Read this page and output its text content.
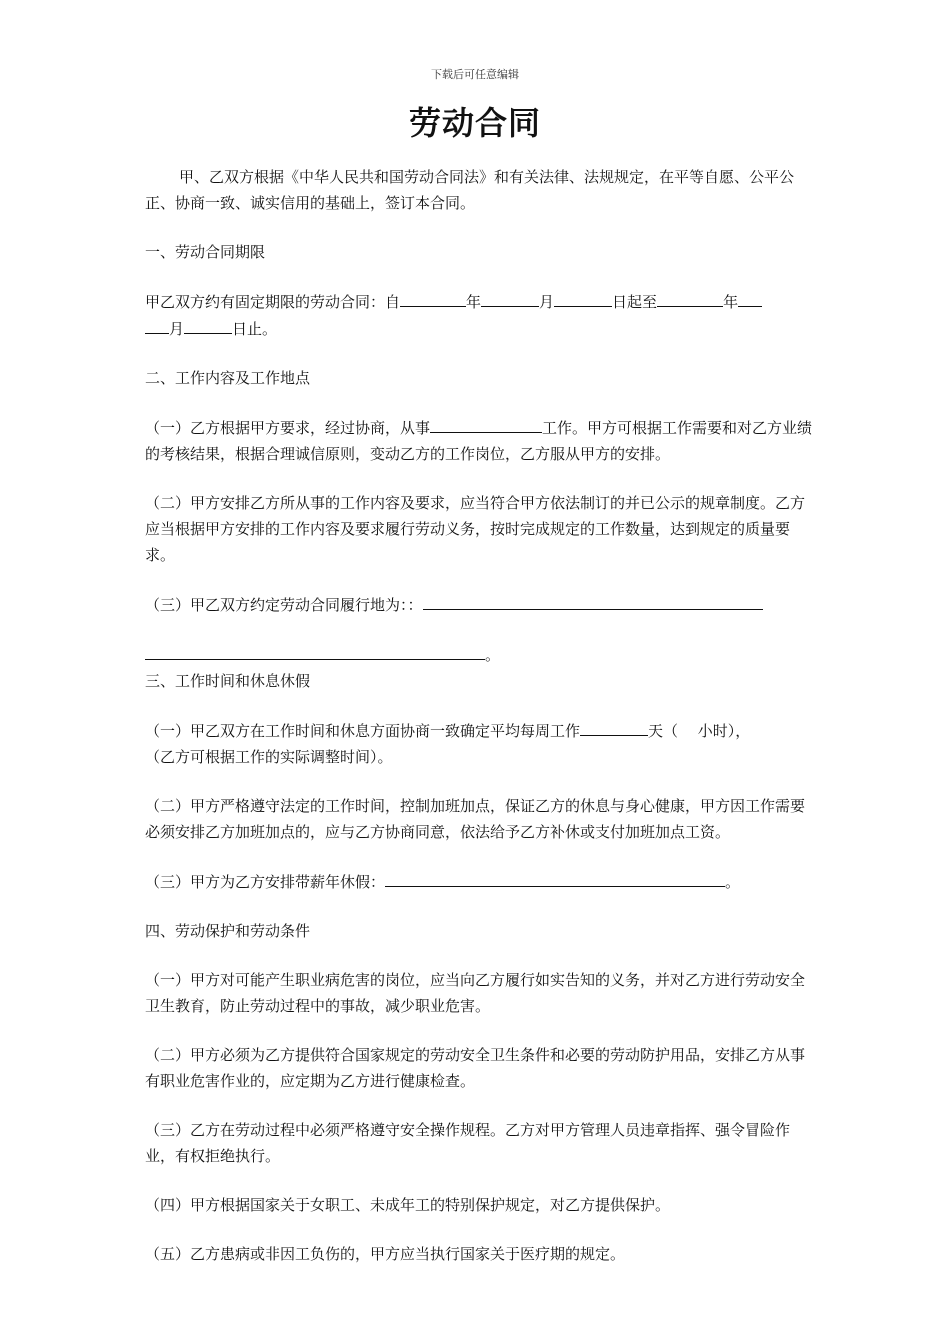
下载后可任意编辑
劳动合同

甲、乙双方根据《中华人民共和国劳动合同法》和有关法律、法规规定，在平等自愿、公平公正、协商一致、诚实信用的基础上，签订本合同。

一、劳动合同期限

甲乙双方约有固定期限的劳动合同：自	年	月	日起至	年
月	日止。

二、工作内容及工作地点

（一）乙方根据甲方要求，经过协商，从事	工作。甲方可根据工作需要和对乙方业绩的考核结果，根据合理诚信原则，变动乙方的工作岗位，乙方服从甲方的安排。

（二）甲方安排乙方所从事的工作内容及要求，应当符合甲方依法制订的并已公示的规章制度。乙方应当根据甲方安排的工作内容及要求履行劳动义务，按时完成规定的工作数量，达到规定的质量要求。

（三）甲乙双方约定劳动合同履行地为：：

。

三、工作时间和休息休假

（一）甲乙双方在工作时间和休息方面协商一致确定平均每周工作	天（　 小时），
（乙方可根据工作的实际调整时间）。

（二）甲方严格遵守法定的工作时间，控制加班加点，保证乙方的休息与身心健康，甲方因工作需要必须安排乙方加班加点的，应与乙方协商同意，依法给予乙方补休或支付加班加点工资。

（三）甲方为乙方安排带薪年休假：	。

四、劳动保护和劳动条件

（一）甲方对可能产生职业病危害的岗位，应当向乙方履行如实告知的义务，并对乙方进行劳动安全卫生教育，防止劳动过程中的事故，减少职业危害。

（二）甲方必须为乙方提供符合国家规定的劳动安全卫生条件和必要的劳动防护用品，安排乙方从事有职业危害作业的，应定期为乙方进行健康检查。

（三）乙方在劳动过程中必须严格遵守安全操作规程。乙方对甲方管理人员违章指挥、强令冒险作业，有权拒绝执行。

（四）甲方根据国家关于女职工、未成年工的特别保护规定，对乙方提供保护。

（五）乙方患病或非因工负伤的，甲方应当执行国家关于医疗期的规定。
